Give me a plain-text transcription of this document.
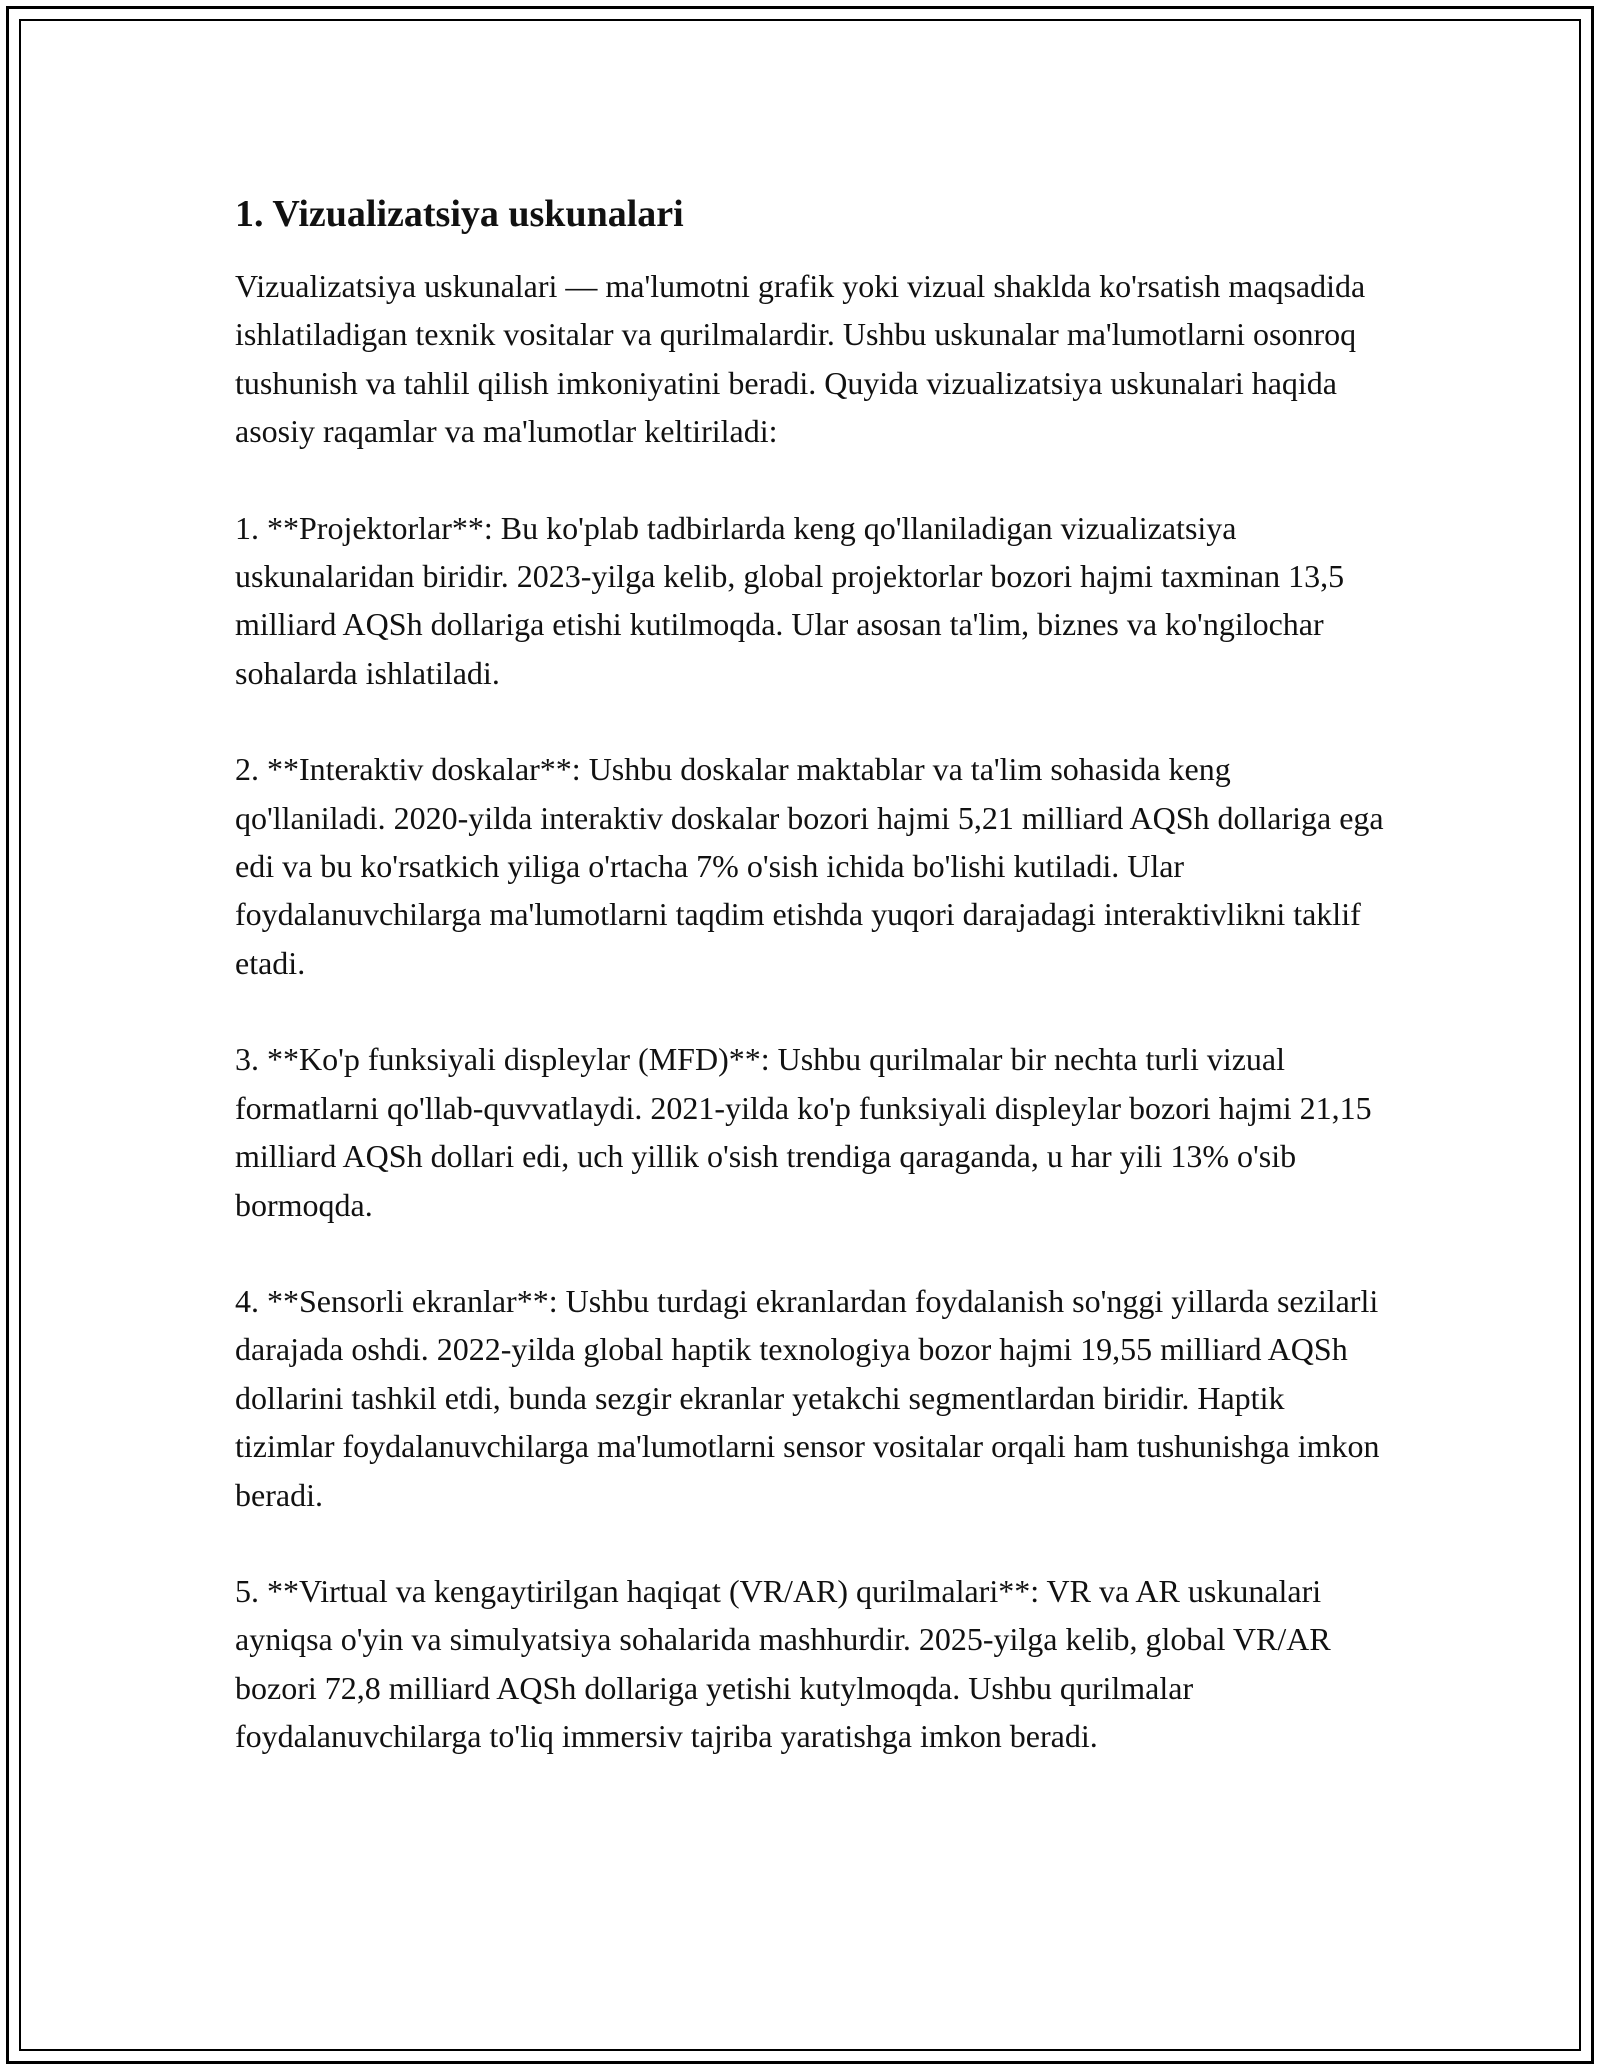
1. Vizualizatsiya uskunalari

Vizualizatsiya uskunalari — ma'lumotni grafik yoki vizual shaklda ko'rsatish maqsadida ishlatiladigan texnik vositalar va qurilmalardir. Ushbu uskunalar ma'lumotlarni osonroq tushunish va tahlil qilish imkoniyatini beradi. Quyida vizualizatsiya uskunalari haqida asosiy raqamlar va ma'lumotlar keltiriladi:

1. **Projektorlar**: Bu ko'plab tadbirlarda keng qo'llaniladigan vizualizatsiya uskunalaridan biridir. 2023-yilga kelib, global projektorlar bozori hajmi taxminan 13,5 milliard AQSh dollariga etishi kutilmoqda. Ular asosan ta'lim, biznes va ko'ngilochar sohalarda ishlatiladi.

2. **Interaktiv doskalar**: Ushbu doskalar maktablar va ta'lim sohasida keng qo'llaniladi. 2020-yilda interaktiv doskalar bozori hajmi 5,21 milliard AQSh dollariga ega edi va bu ko'rsatkich yiliga o'rtacha 7% o'sish ichida bo'lishi kutiladi. Ular foydalanuvchilarga ma'lumotlarni taqdim etishda yuqori darajadagi interaktivlikni taklif etadi.

3. **Ko'p funksiyali displeylar (MFD)**: Ushbu qurilmalar bir nechta turli vizual formatlarni qo'llab-quvvatlaydi. 2021-yilda ko'p funksiyali displeylar bozori hajmi 21,15 milliard AQSh dollari edi, uch yillik o'sish trendiga qaraganda, u har yili 13% o'sib bormoqda.

4. **Sensorli ekranlar**: Ushbu turdagi ekranlardan foydalanish so'nggi yillarda sezilarli darajada oshdi. 2022-yilda global haptik texnologiya bozor hajmi 19,55 milliard AQSh dollarini tashkil etdi, bunda sezgir ekranlar yetakchi segmentlardan biridir. Haptik tizimlar foydalanuvchilarga ma'lumotlarni sensor vositalar orqali ham tushunishga imkon beradi.

5. **Virtual va kengaytirilgan haqiqat (VR/AR) qurilmalari**: VR va AR uskunalari ayniqsa o'yin va simulyatsiya sohalarida mashhurdir. 2025-yilga kelib, global VR/AR bozori 72,8 milliard AQSh dollariga yetishi kutylmoqda. Ushbu qurilmalar foydalanuvchilarga to'liq immersiv tajriba yaratishga imkon beradi.
